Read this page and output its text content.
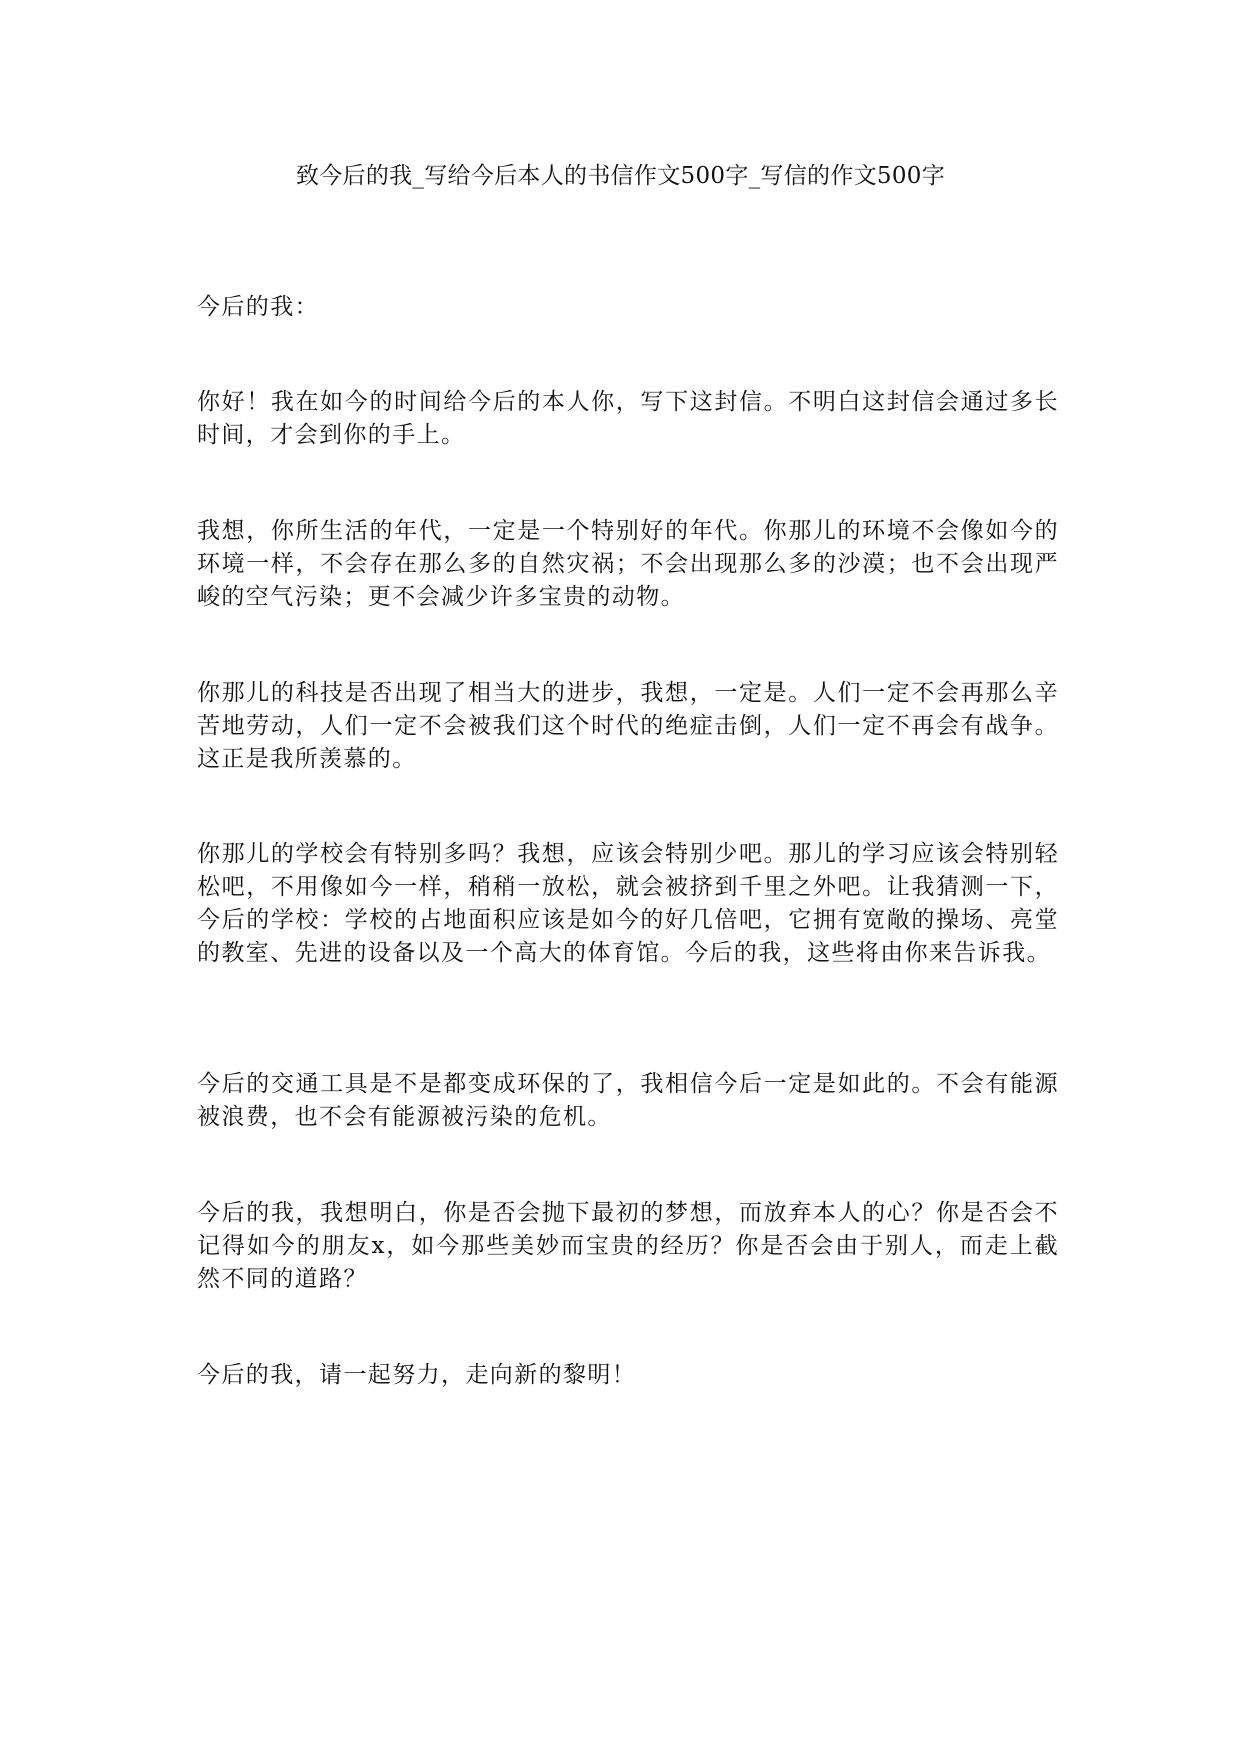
致今后的我_写给今后本人的书信作文500字_写信的作文500字

今后的我：

你好！我在如今的时间给今后的本人你，写下这封信。不明白这封信会通过多长时间，才会到你的手上。

我想，你所生活的年代，一定是一个特别好的年代。你那儿的环境不会像如今的环境一样，不会存在那么多的自然灾祸；不会出现那么多的沙漠；也不会出现严峻的空气污染；更不会减少许多宝贵的动物。

你那儿的科技是否出现了相当大的进步，我想，一定是。人们一定不会再那么辛苦地劳动，人们一定不会被我们这个时代的绝症击倒，人们一定不再会有战争。这正是我所羡慕的。

你那儿的学校会有特别多吗？我想，应该会特别少吧。那儿的学习应该会特别轻松吧，不用像如今一样，稍稍一放松，就会被挤到千里之外吧。让我猜测一下，今后的学校：学校的占地面积应该是如今的好几倍吧，它拥有宽敞的操场、亮堂的教室、先进的设备以及一个高大的体育馆。今后的我，这些将由你来告诉我。

今后的交通工具是不是都变成环保的了，我相信今后一定是如此的。不会有能源被浪费，也不会有能源被污染的危机。

今后的我，我想明白，你是否会抛下最初的梦想，而放弃本人的心？你是否会不记得如今的朋友x，如今那些美妙而宝贵的经历？你是否会由于别人，而走上截然不同的道路？

今后的我，请一起努力，走向新的黎明！
